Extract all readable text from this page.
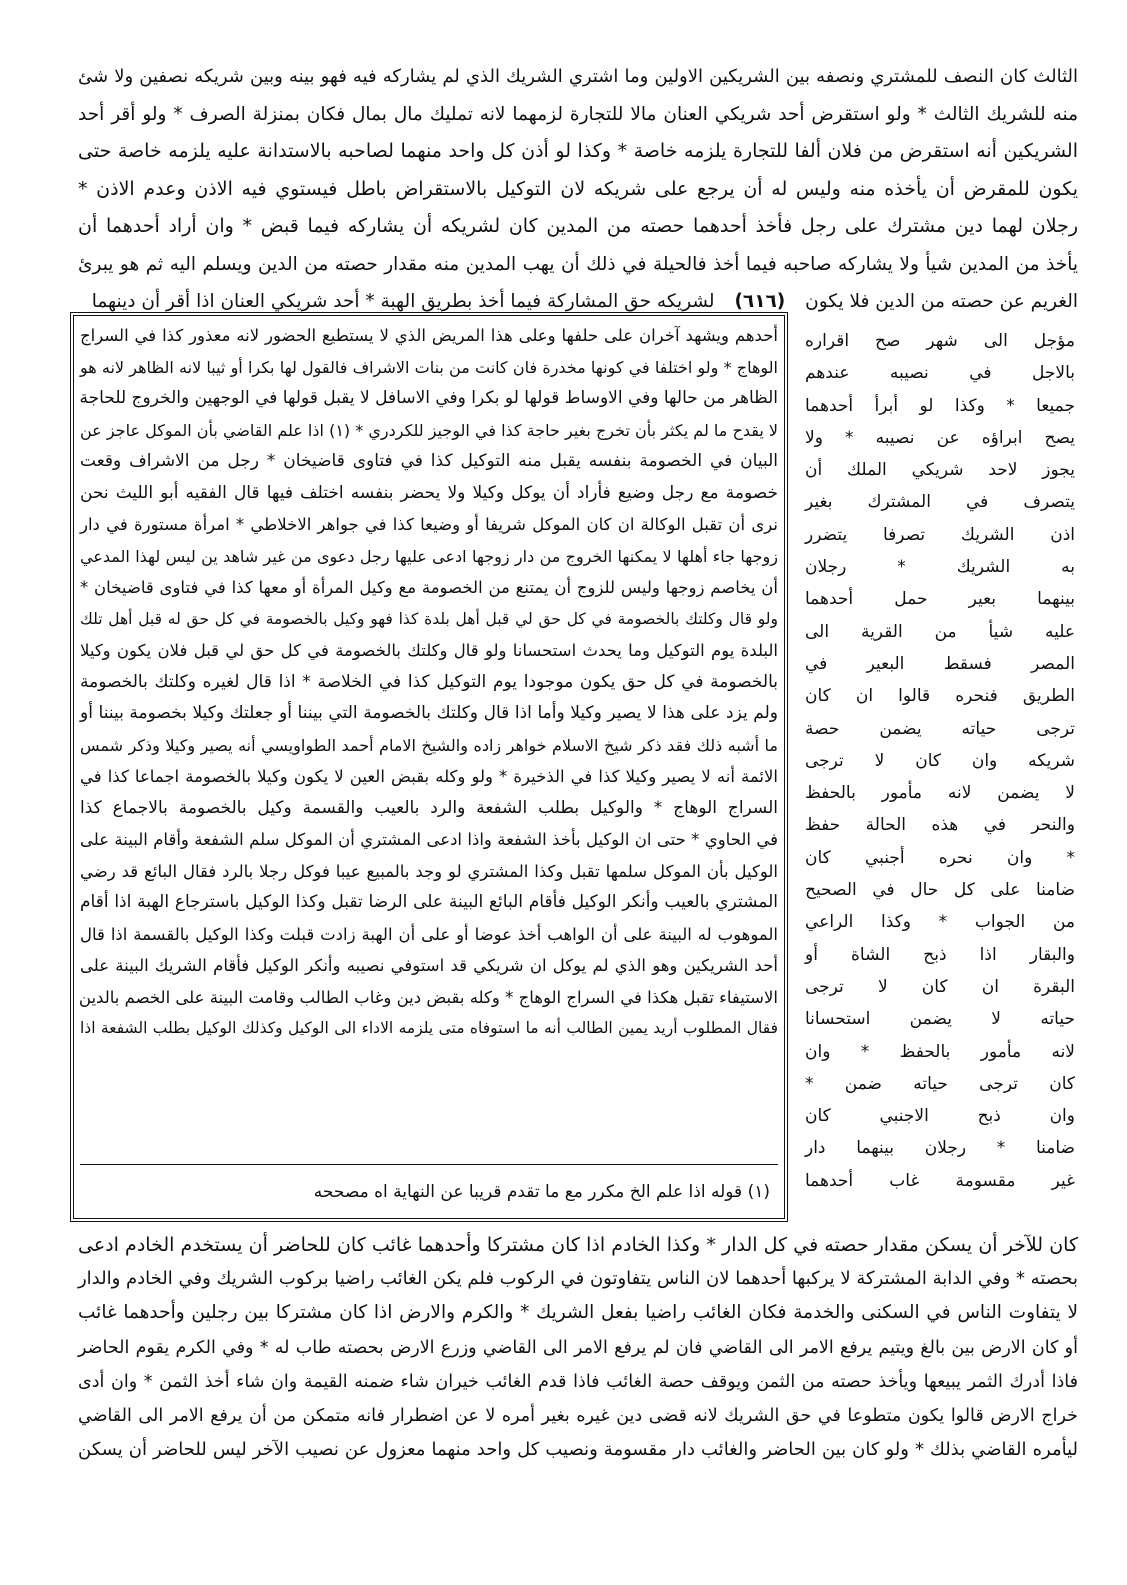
الثالث كان النصف للمشتري ونصفه بين الشريكين الاولين وما اشتري الشريك الذي لم يشاركه فيه فهو بينه وبين شريكه نصفين ولا شئ
منه للشريك الثالث * ولو استقرض أحد شريكي العنان مالا للتجارة لزمهما لانه تمليك مال بمال فكان بمنزلة الصرف * ولو أقر أحد
الشريكين أنه استقرض من فلان ألفا للتجارة يلزمه خاصة * وكذا لو أذن كل واحد منهما لصاحبه بالاستدانة عليه يلزمه خاصة حتى
يكون للمقرض أن يأخذه منه وليس له أن يرجع على شريكه لان التوكيل بالاستقراض باطل فيستوي فيه الاذن وعدم الاذن *
رجلان لهما دين مشترك على رجل فأخذ أحدهما حصته من المدين كان لشريكه أن يشاركه فيما قبض * وان أراد أحدهما أن
يأخذ من المدين شيأ ولا يشاركه صاحبه فيما أخذ فالحيلة في ذلك أن يهب المدين منه مقدار حصته من الدين ويسلم اليه ثم هو يبرئ
الغريم عن حصته من الدين فلا يكون (٦١٦) لشريكه حق المشاركة فيما أخذ بطريق الهبة * أحد شريكي العنان اذا أقر أن دينهما
مؤجل الى شهر صح اقراره
بالاجل في نصيبه عندهم
جميعا * وكذا لو أبرأ أحدهما
يصح ابراؤه عن نصيبه * ولا
يجوز لاحد شريكي الملك أن
يتصرف في المشترك بغير
اذن الشريك تصرفا يتضرر
به الشريك * رجلان
بينهما بعير حمل أحدهما
عليه شيأ من القرية الى
المصر فسقط البعير في
الطريق فنحره قالوا ان كان
ترجى حياته يضمن حصة
شريكه وان كان لا ترجى
لا يضمن لانه مأمور بالحفظ
والنحر في هذه الحالة حفظ
* وان نحره أجنبي كان
ضامنا على كل حال في الصحيح
من الجواب * وكذا الراعي
والبقار اذا ذبح الشاة أو
البقرة ان كان لا ترجى
حياته لا يضمن استحسانا
لانه مأمور بالحفظ * وان
كان ترجى حياته ضمن *
وان ذبح الاجنبي كان
ضامنا * رجلان بينهما دار
غير مقسومة غاب أحدهما
أحدهم ويشهد آخران على حلفها وعلى هذا المريض الذي لا يستطيع الحضور لانه معذور كذا في السراج
الوهاج * ولو اختلفا في كونها مخدرة فان كانت من بنات الاشراف فالقول لها بكرا أو ثيبا لانه الظاهر لانه هو
الظاهر من حالها وفي الاوساط قولها لو بكرا وفي الاسافل لا يقبل قولها في الوجهين والخروج للحاجة
لا يقدح ما لم يكثر بأن تخرج بغير حاجة كذا في الوجيز للكردري * (١) اذا علم القاضي بأن الموكل عاجز عن
البيان في الخصومة بنفسه يقبل منه التوكيل كذا في فتاوى قاضيخان * رجل من الاشراف وقعت
خصومة مع رجل وضيع فأراد أن يوكل وكيلا ولا يحضر بنفسه اختلف فيها قال الفقيه أبو الليث نحن
نرى أن تقبل الوكالة ان كان الموكل شريفا أو وضيعا كذا في جواهر الاخلاطي * امرأة مستورة في دار
زوجها جاء أهلها لا يمكنها الخروج من دار زوجها ادعى عليها رجل دعوى من غير شاهد ين ليس لهذا المدعي
أن يخاصم زوجها وليس للزوج أن يمتنع من الخصومة مع وكيل المرأة أو معها كذا في فتاوى قاضيخان *
ولو قال وكلتك بالخصومة في كل حق لي قبل أهل بلدة كذا فهو وكيل بالخصومة في كل حق له قبل أهل تلك
البلدة يوم التوكيل وما يحدث استحسانا ولو قال وكلتك بالخصومة في كل حق لي قبل فلان يكون وكيلا
بالخصومة في كل حق يكون موجودا يوم التوكيل كذا في الخلاصة * اذا قال لغيره وكلتك بالخصومة
ولم يزد على هذا لا يصير وكيلا وأما اذا قال وكلتك بالخصومة التي بيننا أو جعلتك وكيلا بخصومة بيننا أو
ما أشبه ذلك فقد ذكر شيخ الاسلام خواهر زاده والشيخ الامام أحمد الطواويسي أنه يصير وكيلا وذكر شمس
الائمة أنه لا يصير وكيلا كذا في الذخيرة * ولو وكله بقبض العين لا يكون وكيلا بالخصومة اجماعا كذا في
السراج الوهاج * والوكيل بطلب الشفعة والرد بالعيب والقسمة وكيل بالخصومة بالاجماع كذا
في الحاوي * حتى ان الوكيل بأخذ الشفعة واذا ادعى المشتري أن الموكل سلم الشفعة وأقام البينة على
الوكيل بأن الموكل سلمها تقبل وكذا المشتري لو وجد بالمبيع عيبا فوكل رجلا بالرد فقال البائع قد رضي
المشتري بالعيب وأنكر الوكيل فأقام البائع البينة على الرضا تقبل وكذا الوكيل باسترجاع الهبة اذا أقام
الموهوب له البينة على أن الواهب أخذ عوضا أو على أن الهبة زادت قبلت وكذا الوكيل بالقسمة اذا قال
أحد الشريكين وهو الذي لم يوكل ان شريكي قد استوفي نصيبه وأنكر الوكيل فأقام الشريك البينة على
الاستيفاء تقبل هكذا في السراج الوهاج * وكله بقبض دين وغاب الطالب وقامت البينة على الخصم بالدين
فقال المطلوب أريد يمين الطالب أنه ما استوفاه متى يلزمه الاداء الى الوكيل وكذلك الوكيل بطلب الشفعة اذا
(١) قوله اذا علم الخ مكرر مع ما تقدم قريبا عن النهاية اه مصححه
كان للآخر أن يسكن مقدار حصته في كل الدار * وكذا الخادم اذا كان مشتركا وأحدهما غائب كان للحاضر أن يستخدم الخادم ادعى
بحصته * وفي الدابة المشتركة لا يركبها أحدهما لان الناس يتفاوتون في الركوب فلم يكن الغائب راضيا بركوب الشريك وفي الخادم والدار
لا يتفاوت الناس في السكنى والخدمة فكان الغائب راضيا بفعل الشريك * والكرم والارض اذا كان مشتركا بين رجلين وأحدهما غائب
أو كان الارض بين بالغ ويتيم يرفع الامر الى القاضي فان لم يرفع الامر الى القاضي وزرع الارض بحصته طاب له * وفي الكرم يقوم الحاضر
فاذا أدرك الثمر يبيعها ويأخذ حصته من الثمن ويوقف حصة الغائب فاذا قدم الغائب خيران شاء ضمنه القيمة وان شاء أخذ الثمن * وان أدى
خراج الارض قالوا يكون متطوعا في حق الشريك لانه قضى دين غيره بغير أمره لا عن اضطرار فانه متمكن من أن يرفع الامر الى القاضي
ليأمره القاضي بذلك * ولو كان بين الحاضر والغائب دار مقسومة ونصيب كل واحد منهما معزول عن نصيب الآخر ليس للحاضر أن يسكن
